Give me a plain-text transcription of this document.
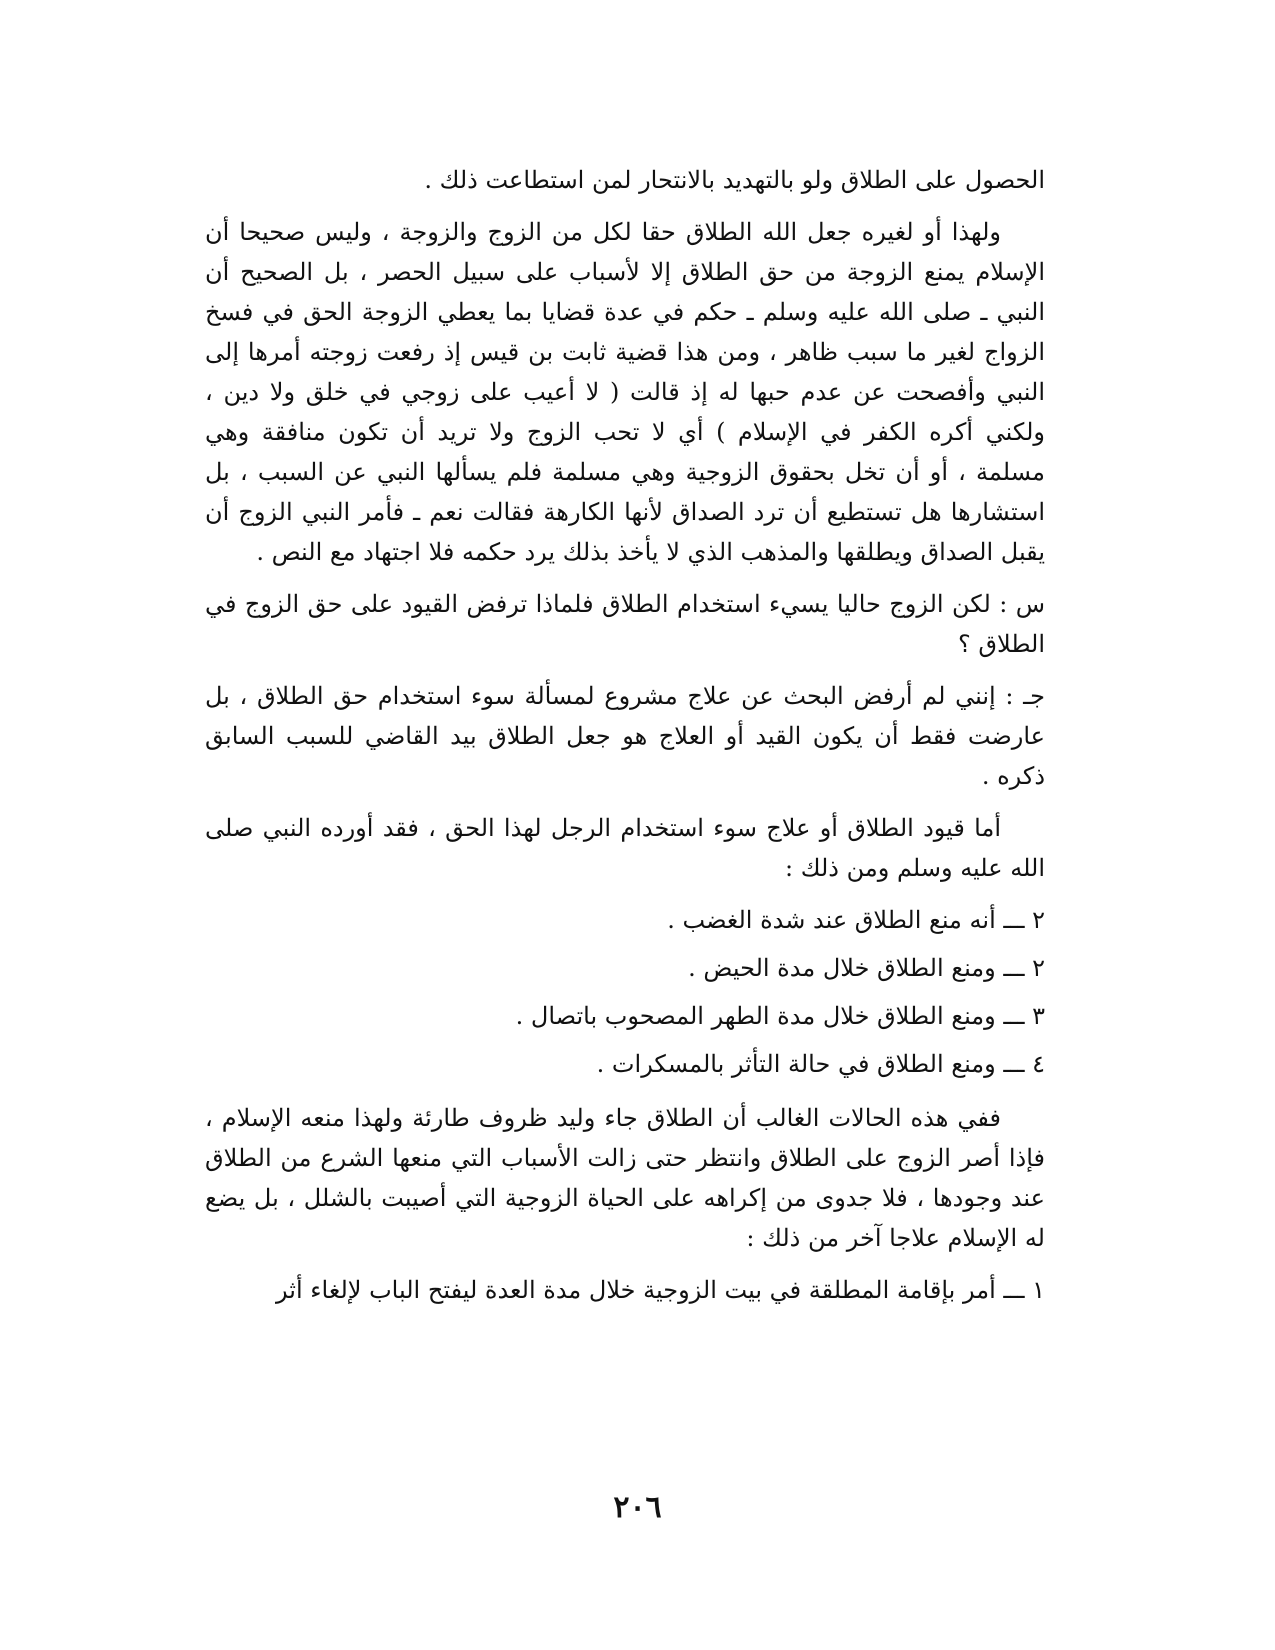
الحصول على الطلاق ولو بالتهديد بالانتحار لمن استطاعت ذلك .

ولهذا أو لغيره جعل الله الطلاق حقا لكل من الزوج والزوجة ، وليس صحيحا أن الإسلام يمنع الزوجة من حق الطلاق إلا لأسباب على سبيل الحصر ، بل الصحيح أن النبي ـ صلى الله عليه وسلم ـ حكم في عدة قضايا بما يعطي الزوجة الحق في فسخ الزواج لغير ما سبب ظاهر ، ومن هذا قضية ثابت بن قيس إذ رفعت زوجته أمرها إلى النبي وأفصحت عن عدم حبها له إذ قالت ( لا أعيب على زوجي في خلق ولا دين ، ولكني أكره الكفر في الإسلام ) أي لا تحب الزوج ولا تريد أن تكون منافقة وهي مسلمة ، أو أن تخل بحقوق الزوجية وهي مسلمة فلم يسألها النبي عن السبب ، بل استشارها هل تستطيع أن ترد الصداق لأنها الكارهة فقالت نعم ـ فأمر النبي الزوج أن يقبل الصداق ويطلقها والمذهب الذي لا يأخذ بذلك يرد حكمه فلا اجتهاد مع النص .

س : لكن الزوج حاليا يسيء استخدام الطلاق فلماذا ترفض القيود على حق الزوج في الطلاق ؟

جـ : إنني لم أرفض البحث عن علاج مشروع لمسألة سوء استخدام حق الطلاق ، بل عارضت فقط أن يكون القيد أو العلاج هو جعل الطلاق بيد القاضي للسبب السابق ذكره .

أما قيود الطلاق أو علاج سوء استخدام الرجل لهذا الحق ، فقد أورده النبي صلى الله عليه وسلم ومن ذلك :

٢ ـــ أنه منع الطلاق عند شدة الغضب .
٢ ـــ ومنع الطلاق خلال مدة الحيض .
٣ ـــ ومنع الطلاق خلال مدة الطهر المصحوب باتصال .
٤ ـــ ومنع الطلاق في حالة التأثر بالمسكرات .

ففي هذه الحالات الغالب أن الطلاق جاء وليد ظروف طارئة ولهذا منعه الإسلام ، فإذا أصر الزوج على الطلاق وانتظر حتى زالت الأسباب التي منعها الشرع من الطلاق عند وجودها ، فلا جدوى من إكراهه على الحياة الزوجية التي أصيبت بالشلل ، بل يضع له الإسلام علاجا آخر من ذلك :

١ ـــ أمر بإقامة المطلقة في بيت الزوجية خلال مدة العدة ليفتح الباب لإلغاء أثر

٢٠٦
